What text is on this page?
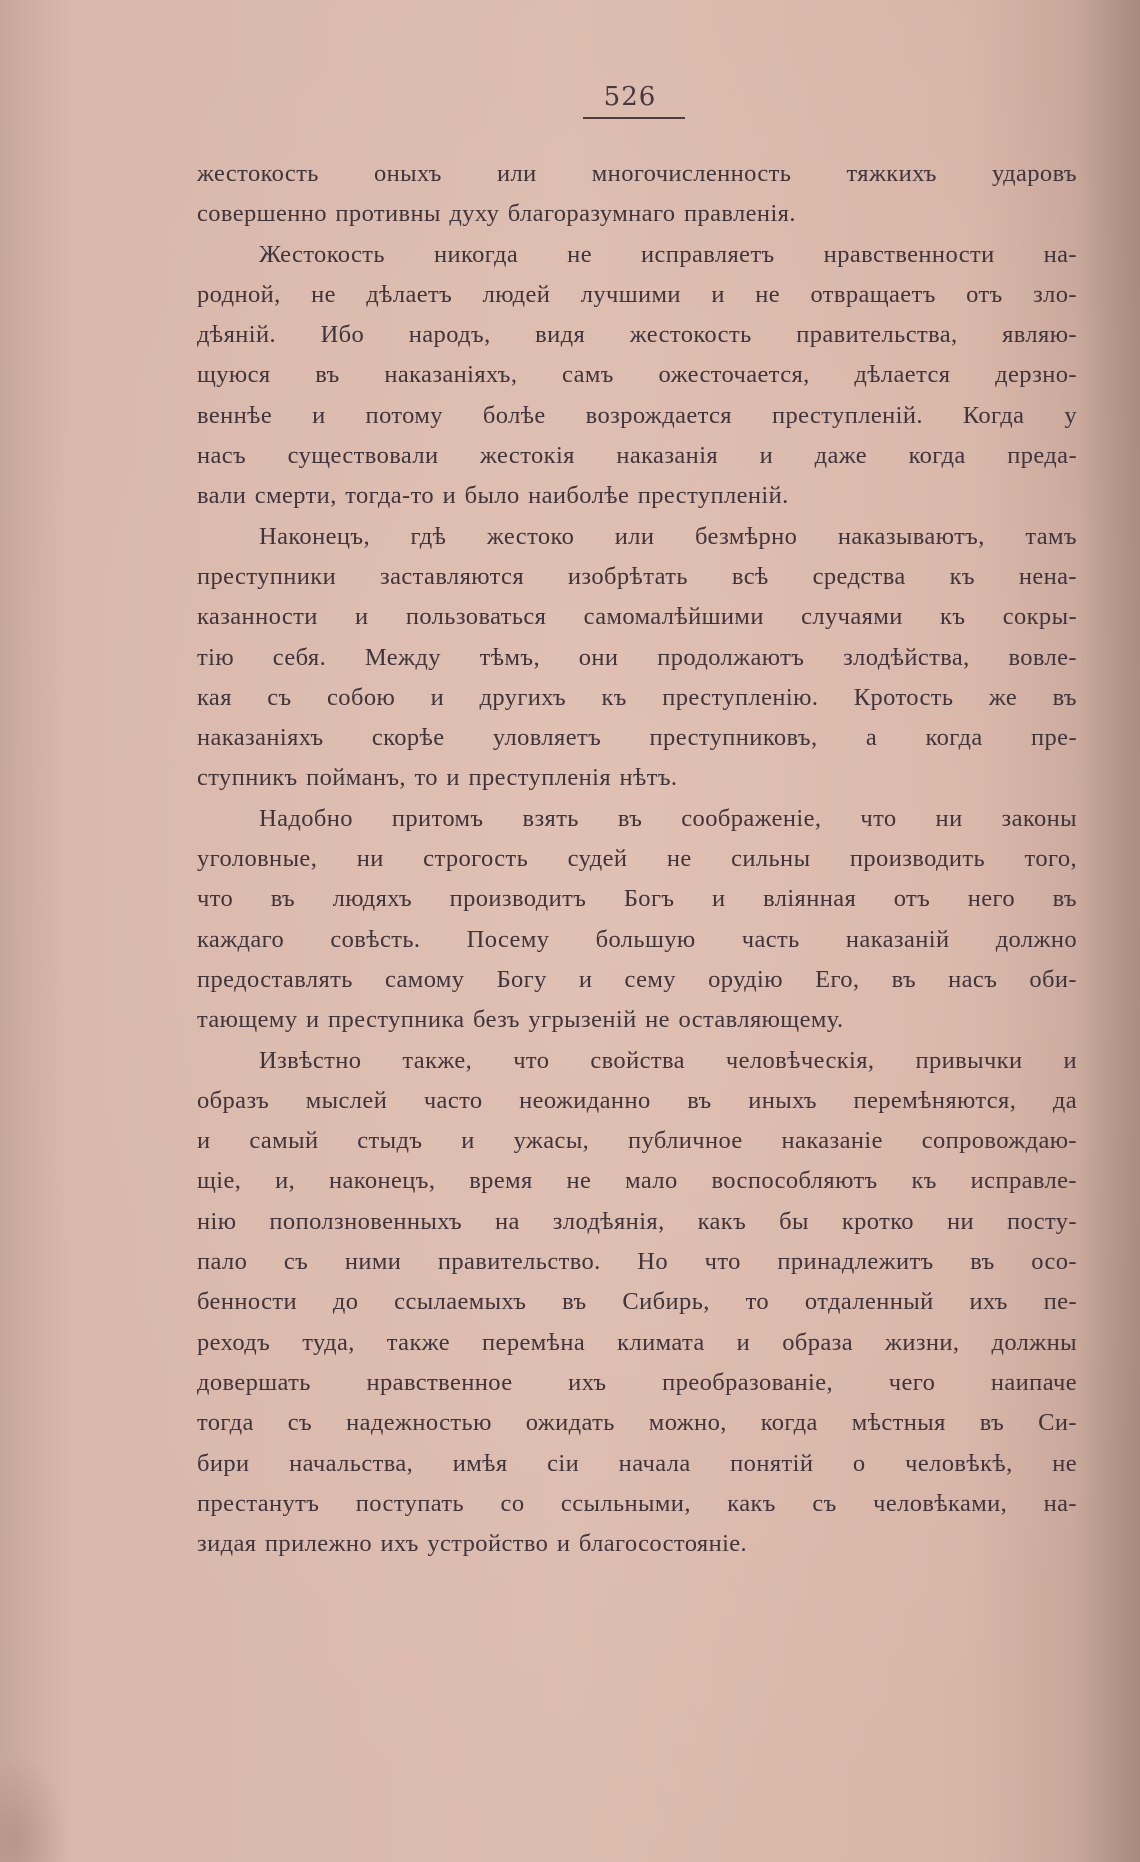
526
жестокость оныхъ или многочисленность тяжкихъ ударовъ
совершенно противны духу благоразумнаго правленія.
Жестокость никогда не исправляетъ нравственности на-
родной, не дѣлаетъ людей лучшими и не отвращаетъ отъ зло-
дѣяній. Ибо народъ, видя жестокость правительства, являю-
щуюся въ наказаніяхъ, самъ ожесточается, дѣлается дерзно-
веннѣе и потому болѣе возрождается преступленій. Когда у
насъ существовали жестокія наказанія и даже когда преда-
вали смерти, тогда-то и было наиболѣе преступленій.
Наконецъ, гдѣ жестоко или безмѣрно наказываютъ, тамъ
преступники заставляются изобрѣтать всѣ средства къ нена-
казанности и пользоваться самомалѣйшими случаями къ сокры-
тію себя. Между тѣмъ, они продолжаютъ злодѣйства, вовле-
кая съ собою и другихъ къ преступленію. Кротость же въ
наказаніяхъ скорѣе уловляетъ преступниковъ, а когда пре-
ступникъ пойманъ, то и преступленія нѣтъ.
Надобно притомъ взять въ соображеніе, что ни законы
уголовные, ни строгость судей не сильны производить того,
что въ людяхъ производитъ Богъ и вліянная отъ него въ
каждаго совѣсть. Посему большую часть наказаній должно
предоставлять самому Богу и сему орудію Его, въ насъ оби-
тающему и преступника безъ угрызеній не оставляющему.
Извѣстно также, что свойства человѣческія, привычки и
образъ мыслей часто неожиданно въ иныхъ перемѣняются, да
и самый стыдъ и ужасы, публичное наказаніе сопровождаю-
щіе, и, наконецъ, время не мало воспособляютъ къ исправле-
нію поползновенныхъ на злодѣянія, какъ бы кротко ни посту-
пало съ ними правительство. Но что принадлежитъ въ осо-
бенности до ссылаемыхъ въ Сибирь, то отдаленный ихъ пе-
реходъ туда, также перемѣна климата и образа жизни, должны
довершать нравственное ихъ преобразованіе, чего наипаче
тогда съ надежностью ожидать можно, когда мѣстныя въ Си-
бири начальства, имѣя сіи начала понятій о человѣкѣ, не
престанутъ поступать со ссыльными, какъ съ человѣками, на-
зидая прилежно ихъ устройство и благосостояніе.
